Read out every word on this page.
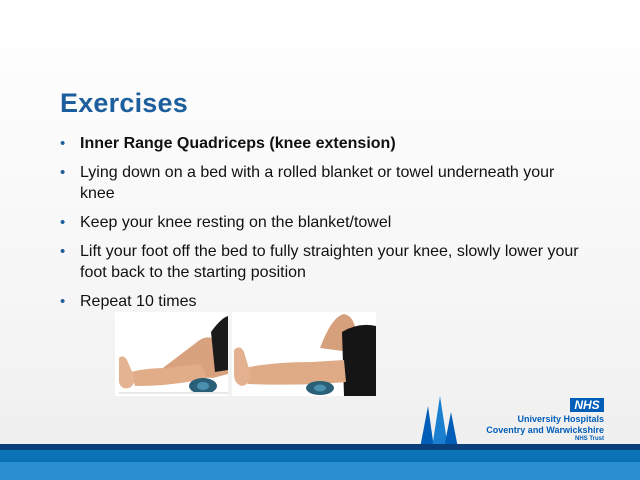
Exercises
• Inner Range Quadriceps (knee extension)
• Lying down on a bed with a rolled blanket or towel underneath your knee
• Keep your knee resting on the blanket/towel
• Lift your foot off the bed to fully straighten your knee, slowly lower your foot back to the starting position
• Repeat 10 times
NHS
University Hospitals
Coventry and Warwickshire
NHS Trust
